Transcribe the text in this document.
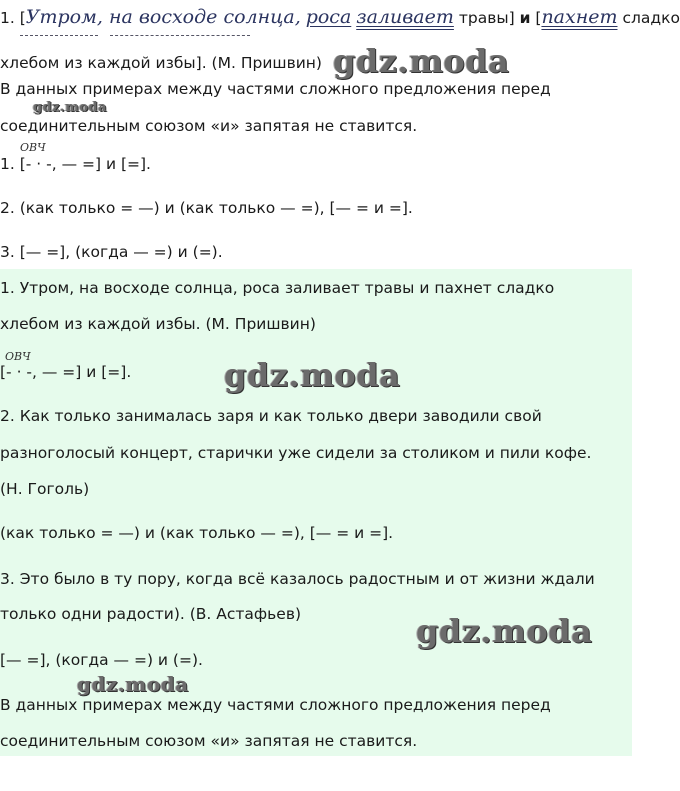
1. [Утром, на восходе солнца, роса заливает травы] и [пахнет сладко
хлебом из каждой избы]. (М. Пришвин) gdz.moda
В данных примерах между частями сложного предложения перед
gdz.moda
соединительным союзом «и» запятая не ставится.
ОВЧ
1. [- · -, — =] и [=].
2. (как только = —) и (как только — =), [— = и =].
3. [— =], (когда — =) и (=).
1. Утром, на восходе солнца, роса заливает травы и пахнет сладко
хлебом из каждой избы. (М. Пришвин)
ОВЧ
[- · -, — =] и [=].	gdz.moda
2. Как только занималась заря и как только двери заводили свой
разноголосый концерт, старички уже сидели за столиком и пили кофе.
(Н. Гоголь)
(как только = —) и (как только — =), [— = и =].
3. Это было в ту пору, когда всё казалось радостным и от жизни ждали
только одни радости). (В. Астафьев)	gdz.moda
[— =], (когда — =) и (=).
gdz.moda
В данных примерах между частями сложного предложения перед
соединительным союзом «и» запятая не ставится.
